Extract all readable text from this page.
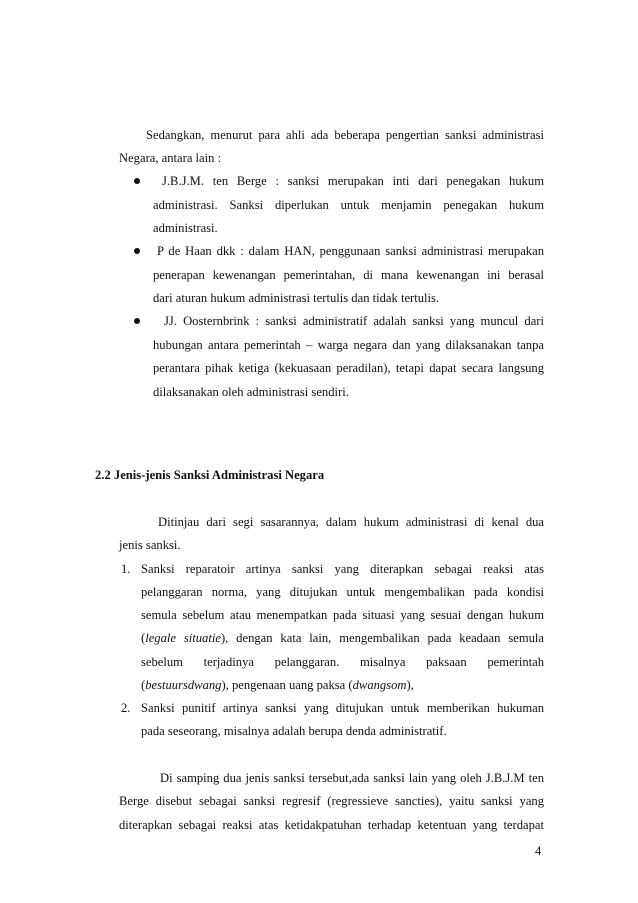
Sedangkan, menurut para ahli ada beberapa pengertian sanksi administrasi
Negara, antara lain :
J.B.J.M. ten Berge : sanksi merupakan inti dari penegakan hukum
administrasi. Sanksi diperlukan untuk menjamin penegakan hukum
administrasi.
P de Haan dkk : dalam HAN, penggunaan sanksi administrasi merupakan
penerapan kewenangan pemerintahan, di mana kewenangan ini berasal
dari aturan hukum administrasi tertulis dan tidak tertulis.
JJ. Oosternbrink : sanksi administratif adalah sanksi yang muncul dari
hubungan antara pemerintah – warga negara dan yang dilaksanakan tanpa
perantara pihak ketiga (kekuasaan peradilan), tetapi dapat secara langsung
dilaksanakan oleh administrasi sendiri.
2.2 Jenis-jenis Sanksi Administrasi Negara
Ditinjau dari segi sasarannya, dalam hukum administrasi di kenal dua
jenis sanksi.
1. Sanksi reparatoir artinya sanksi yang diterapkan sebagai reaksi atas
pelanggaran norma, yang ditujukan untuk mengembalikan pada kondisi
semula sebelum atau menempatkan pada situasi yang sesuai dengan hukum
(legale situatie), dengan kata lain, mengembalikan pada keadaan semula
sebelum terjadinya pelanggaran. misalnya paksaan pemerintah
(bestuursdwang), pengenaan uang paksa (dwangsom),
2. Sanksi punitif artinya sanksi yang ditujukan untuk memberikan hukuman
pada seseorang, misalnya adalah berupa denda administratif.
Di samping dua jenis sanksi tersebut,ada sanksi lain yang oleh J.B.J.M ten
Berge disebut sebagai sanksi regresif (regressieve sancties), yaitu sanksi yang
diterapkan sebagai reaksi atas ketidakpatuhan terhadap ketentuan yang terdapat
4
